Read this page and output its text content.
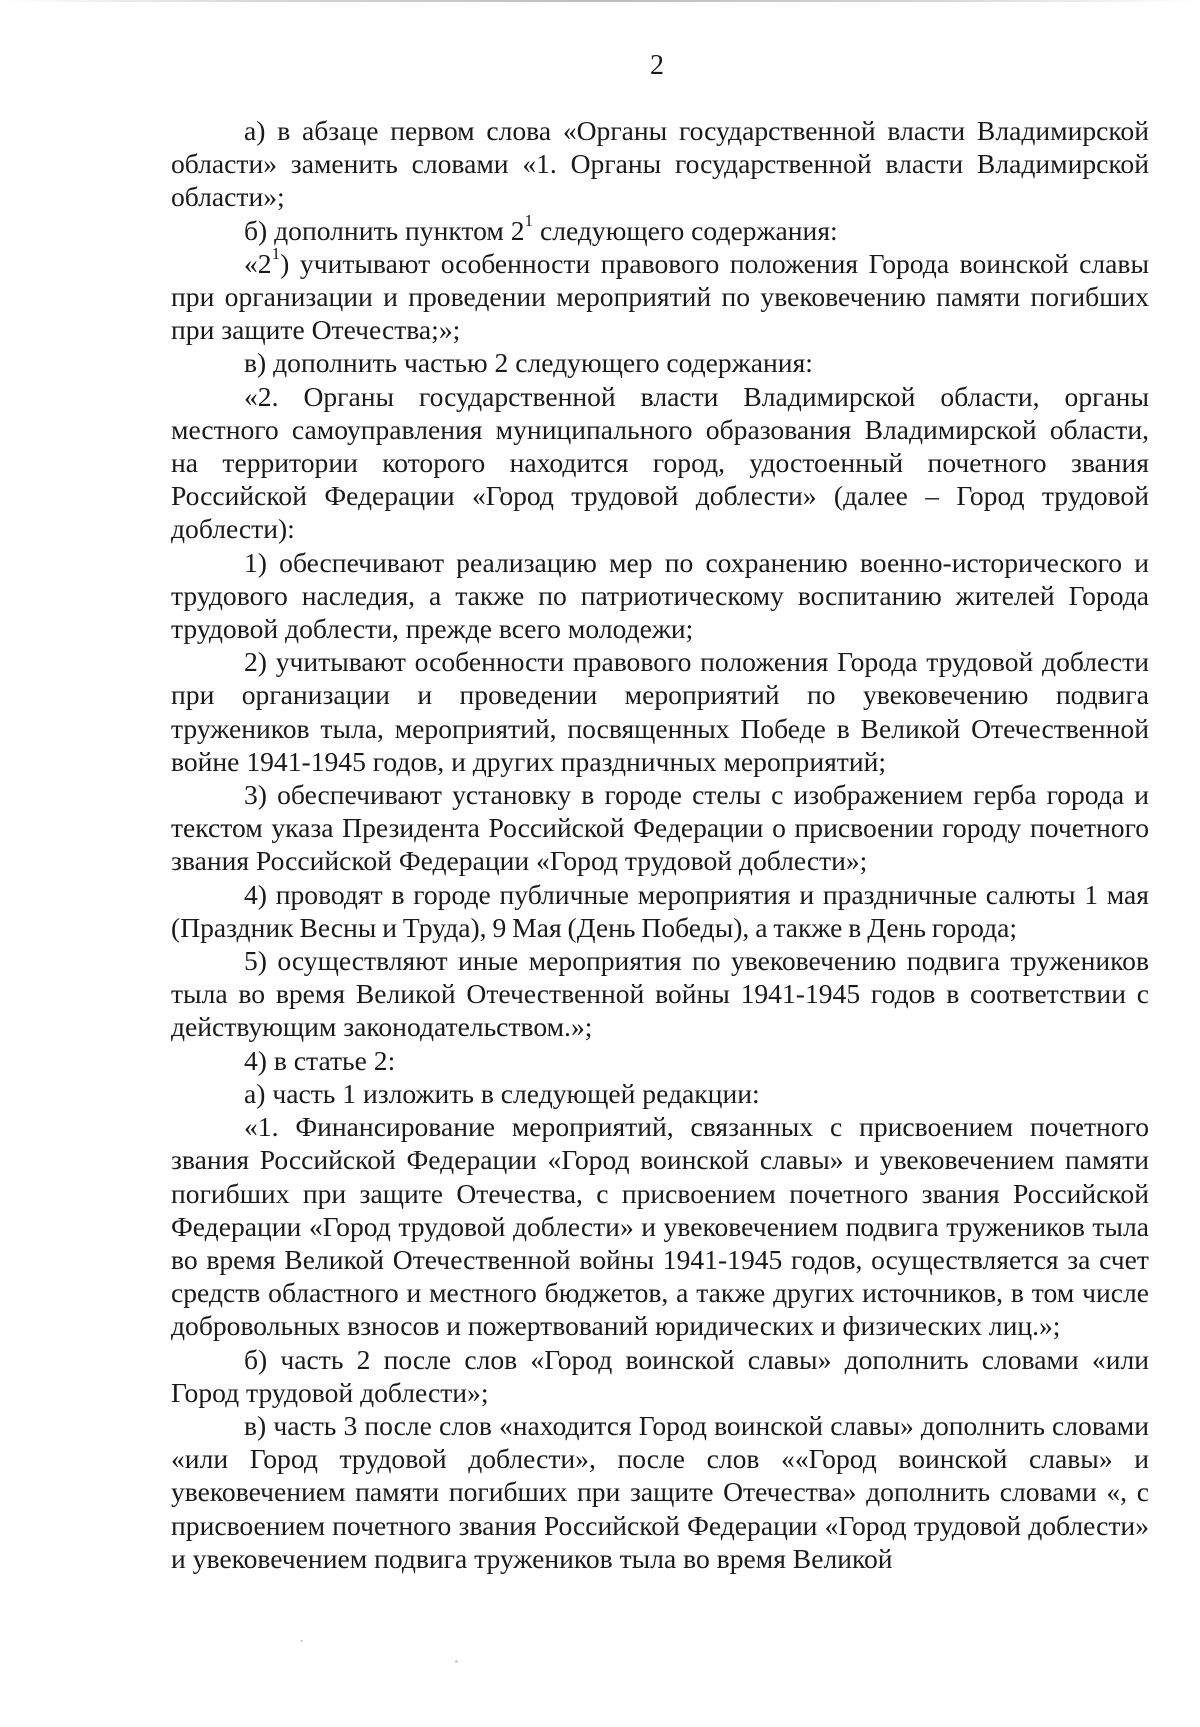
2

а) в абзаце первом слова «Органы государственной власти Владимирской области» заменить словами «1. Органы государственной власти Владимирской области»;

б) дополнить пунктом $2^1$ следующего содержания:

«$2^1$) учитывают особенности правового положения Города воинской славы при организации и проведении мероприятий по увековечению памяти погибших при защите Отечества;»;

в) дополнить частью 2 следующего содержания:

«2. Органы государственной власти Владимирской области, органы местного самоуправления муниципального образования Владимирской области, на территории которого находится город, удостоенный почетного звания Российской Федерации «Город трудовой доблести» (далее – Город трудовой доблести):

1) обеспечивают реализацию мер по сохранению военно-исторического и трудового наследия, а также по патриотическому воспитанию жителей Города трудовой доблести, прежде всего молодежи;

2) учитывают особенности правового положения Города трудовой доблести при организации и проведении мероприятий по увековечению подвига тружеников тыла, мероприятий, посвященных Победе в Великой Отечественной войне 1941-1945 годов, и других праздничных мероприятий;

3) обеспечивают установку в городе стелы с изображением герба города и текстом указа Президента Российской Федерации о присвоении городу почетного звания Российской Федерации «Город трудовой доблести»;

4) проводят в городе публичные мероприятия и праздничные салюты 1 мая (Праздник Весны и Труда), 9 Мая (День Победы), а также в День города;

5) осуществляют иные мероприятия по увековечению подвига тружеников тыла во время Великой Отечественной войны 1941-1945 годов в соответствии с действующим законодательством.»;

4) в статье 2:

а) часть 1 изложить в следующей редакции:

«1. Финансирование мероприятий, связанных с присвоением почетного звания Российской Федерации «Город воинской славы» и увековечением памяти погибших при защите Отечества, с присвоением почетного звания Российской Федерации «Город трудовой доблести» и увековечением подвига тружеников тыла во время Великой Отечественной войны 1941-1945 годов, осуществляется за счет средств областного и местного бюджетов, а также других источников, в том числе добровольных взносов и пожертвований юридических и физических лиц.»;

б) часть 2 после слов «Город воинской славы» дополнить словами «или Город трудовой доблести»;

в) часть 3 после слов «находится Город воинской славы» дополнить словами «или Город трудовой доблести», после слов ««Город воинской славы» и увековечением памяти погибших при защите Отечества» дополнить словами «, с присвоением почетного звания Российской Федерации «Город трудовой доблести» и увековечением подвига тружеников тыла во время Великой
